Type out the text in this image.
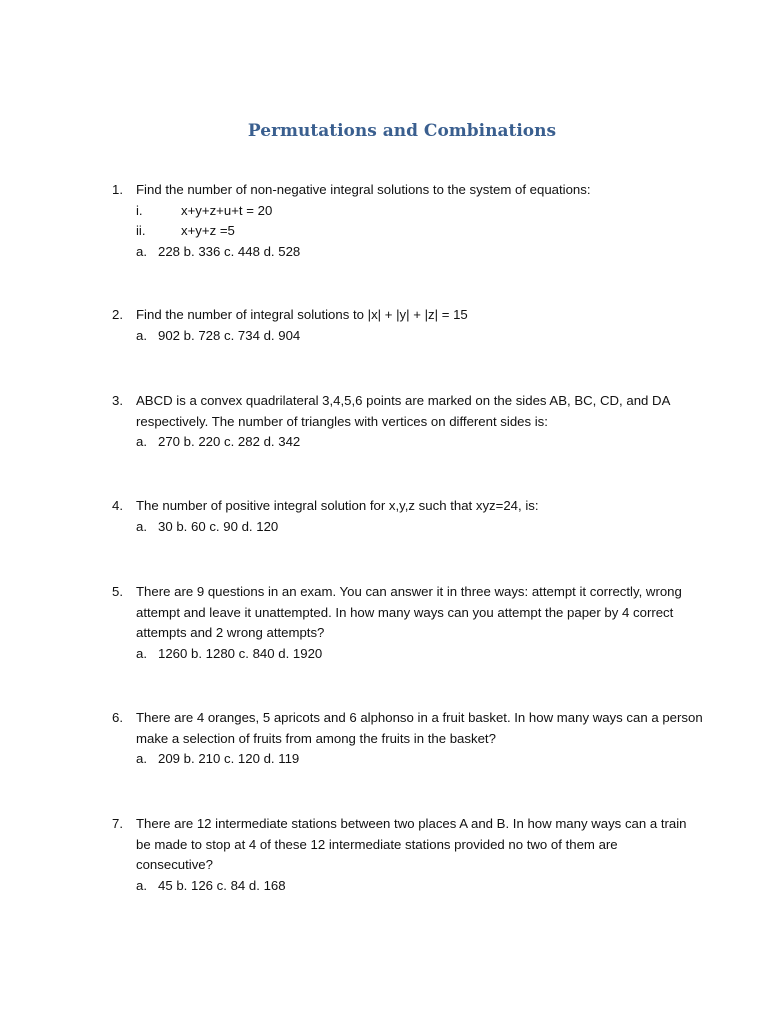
Permutations and Combinations
1. Find the number of non-negative integral solutions to the system of equations:
i.	x+y+z+u+t = 20
ii.	x+y+z =5
a. 228 b. 336 c. 448 d. 528
2. Find the number of integral solutions to |x| + |y| + |z| = 15
a. 902 b. 728 c. 734 d. 904
3. ABCD is a convex quadrilateral 3,4,5,6 points are marked on the sides AB, BC, CD, and DA
respectively. The number of triangles with vertices on different sides is:
a. 270 b. 220 c. 282 d. 342
4. The number of positive integral solution for x,y,z such that xyz=24, is:
a. 30 b. 60 c. 90 d. 120
5. There are 9 questions in an exam. You can answer it in three ways: attempt it correctly, wrong
attempt and leave it unattempted. In how many ways can you attempt the paper by 4 correct
attempts and 2 wrong attempts?
a. 1260 b. 1280 c. 840 d. 1920
6. There are 4 oranges, 5 apricots and 6 alphonso in a fruit basket. In how many ways can a person
make a selection of fruits from among the fruits in the basket?
a. 209 b. 210 c. 120 d. 119
7. There are 12 intermediate stations between two places A and B. In how many ways can a train
be made to stop at 4 of these 12 intermediate stations provided no two of them are
consecutive?
a. 45 b. 126 c. 84 d. 168
